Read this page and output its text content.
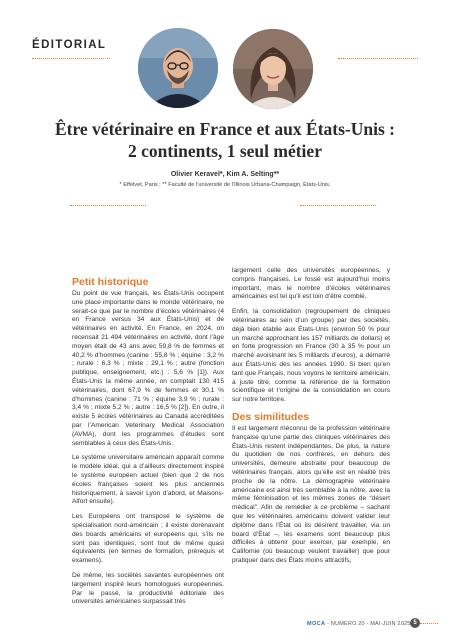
ÉDITORIAL
Être vétérinaire en France et aux États-Unis :
2 continents, 1 seul métier
Olivier Keravel*, Kim A. Selting**
* Effelvet, Paris ; ** Faculté de l’université de l’Illinois Urbana-Champaign, États-Unis.
Petit historique

Du point de vue français, les États-Unis occupent une place importante dans le monde vétérinaire, ne serait-ce que par le nombre d’écoles vétérinaires (4 en France versus 34 aux États-Unis) et de vétérinaires en activité. En France, en 2024, on recensait 21 494 vétérinaires en activité, dont l’âge moyen était de 43 ans avec 59,8 % de femmes et 40,2 % d’hommes (canine : 55,8 % ; équine : 3,2 % ; rurale : 6,3 % ; mixte : 29,1 % ; autre (fonction publique, enseignement, etc.) : 5,6 % [1]). Aux États-Unis la même année, on comptait 130 415 vétérinaires, dont 67,9 % de femmes et 30,1 % d’hommes (canine : 71 % ; équine 3,9 % ; rurale : 3,4 % ; mixte 5,2 % ; autre : 16,5 % [2]). En outre, il existe 5 écoles vétérinaires au Canada accréditées par l’American Veterinary Medical Association (AVMA), dont les programmes d’études sont semblables à ceux des États-Unis.

Le système universitaire américain apparaît comme le modèle idéal, qui a d’ailleurs directement inspiré le système européen actuel (bien que 2 de nos écoles françaises soient les plus anciennes historiquement, à savoir Lyon d’abord, et Maisons-Alfort ensuite).

Les Européens ont transposé le système de spécialisation nord-américain ; il existe dorénavant des boards américains et européens qui, s’ils ne sont pas identiques, sont tout de même quasi équivalents (en termes de formation, prérequis et examens).

De même, les sociétés savantes européennes ont largement inspiré leurs homologues européennes. Par le passé, la productivité éditoriale des universités américaines surpassait très

largement celle des universités européennes, y compris françaises. Le fossé est aujourd’hui moins important, mais le nombre d’écoles vétérinaires américaines est tel qu’il est loin d’être comblé.

Enfin, la consolidation (regroupement de cliniques vétérinaires au sein d’un groupe) par des sociétés, déjà bien établie aux États-Unis (environ 50 % pour un marché approchant les 157 milliards de dollars) et en forte progression en France (30 à 35 % pour un marché avoisinant les 5 milliards d’euros), a démarré aux États-Unis dès les années 1990. Si bien qu’en tant que Français, nous voyons le territoire américain, à juste titre, comme la référence de la formation scientifique et l’origine de la consolidation en cours sur notre territoire.

Des similitudes

Il est largement méconnu de la profession vétérinaire française qu’une partie des cliniques vétérinaires des États-Unis restent indépendantes. De plus, la nature du quotidien de nos confrères, en dehors des universités, demeure abstraite pour beaucoup de vétérinaires français, alors qu’elle est en réalité très proche de la nôtre. La démographie vétérinaire américaine est ainsi très semblable à la nôtre, avec la même féminisation et les mêmes zones de “désert médical”. Afin de remédier à ce problème – sachant que les vétérinaires américains doivent valider leur diplôme dans l’État où ils désirent travailler, via un board d’État –, les examens sont beaucoup plus difficiles à obtenir pour exercer, par exemple, en Californie (où beaucoup veulent travailler) que pour pratiquer dans des États moins attractifs,

MOCA - NUMÉRO 20 - MAI-JUIN 2025 5
